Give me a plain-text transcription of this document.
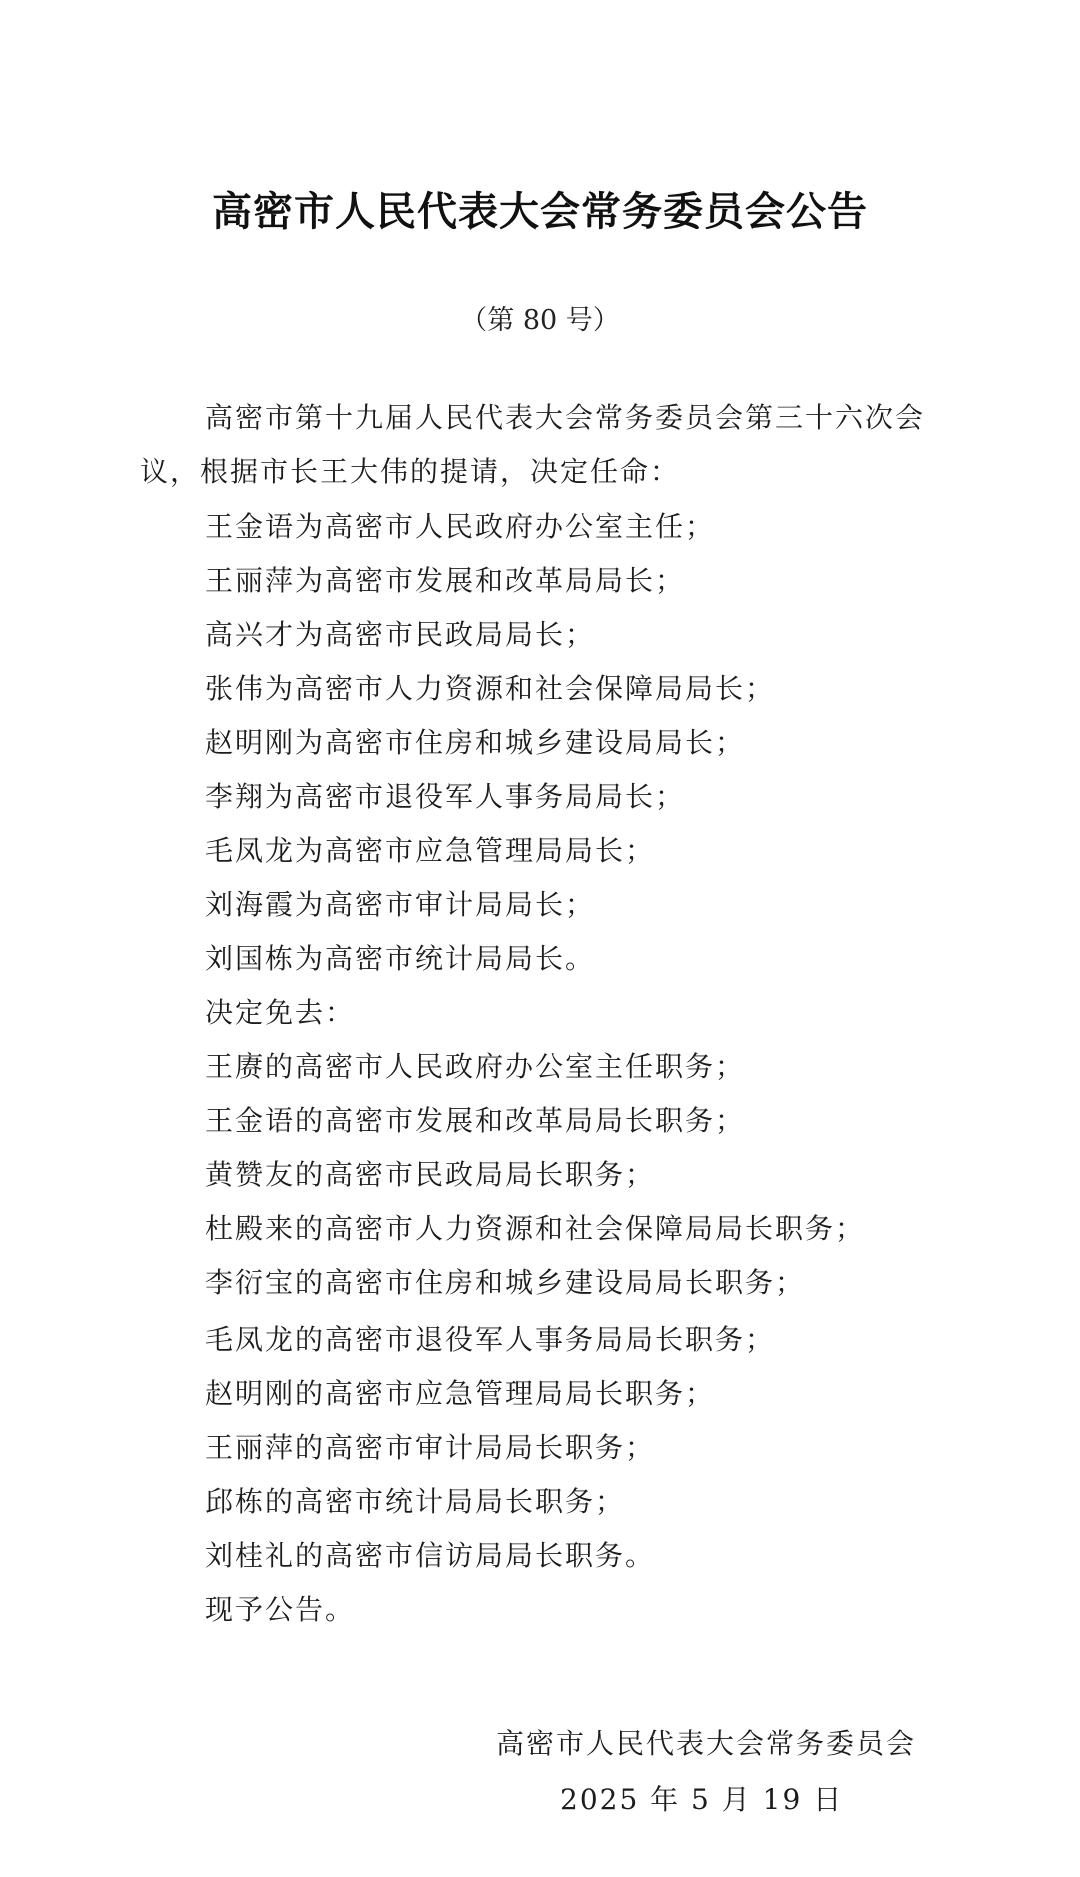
高密市人民代表大会常务委员会公告
（第 80 号）
高密市第十九届人民代表大会常务委员会第三十六次会
议，根据市长王大伟的提请，决定任命：
王金语为高密市人民政府办公室主任；
王丽萍为高密市发展和改革局局长；
高兴才为高密市民政局局长；
张伟为高密市人力资源和社会保障局局长；
赵明刚为高密市住房和城乡建设局局长；
李翔为高密市退役军人事务局局长；
毛凤龙为高密市应急管理局局长；
刘海霞为高密市审计局局长；
刘国栋为高密市统计局局长。
决定免去：
王赓的高密市人民政府办公室主任职务；
王金语的高密市发展和改革局局长职务；
黄赞友的高密市民政局局长职务；
杜殿来的高密市人力资源和社会保障局局长职务；
李衍宝的高密市住房和城乡建设局局长职务；
毛凤龙的高密市退役军人事务局局长职务；
赵明刚的高密市应急管理局局长职务；
王丽萍的高密市审计局局长职务；
邱栋的高密市统计局局长职务；
刘桂礼的高密市信访局局长职务。
现予公告。
高密市人民代表大会常务委员会
2025 年 5 月 19 日
